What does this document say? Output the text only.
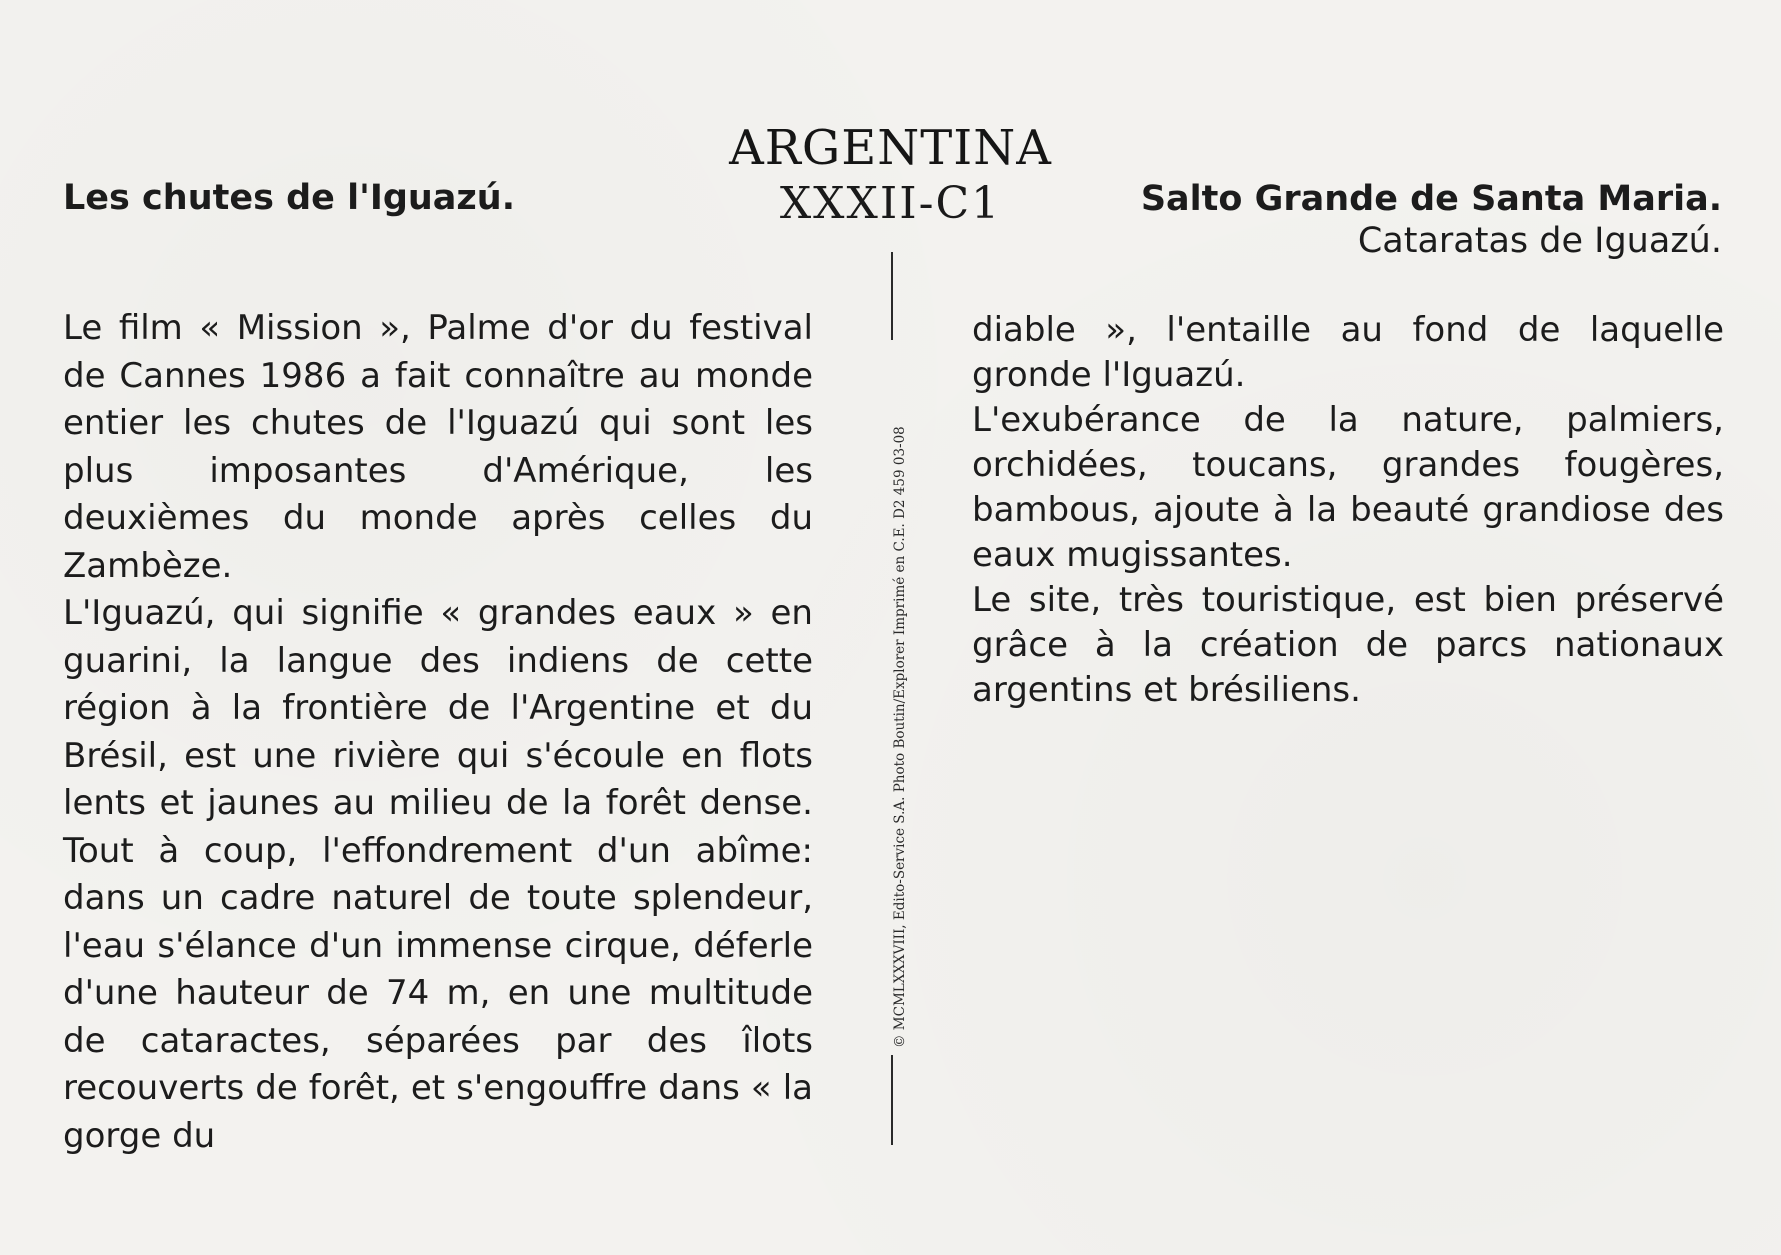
ARGENTINA
XXXII-C1
Les chutes de l'Iguazú.	Salto Grande de Santa Maria.
Cataratas de Iguazú.

Le film « Mission », Palme d'or du festival de Cannes 1986 a fait connaître au monde entier les chutes de l'Iguazú qui sont les plus imposantes d'Amérique, les deuxièmes du monde après celles du Zambèze.

L'Iguazú, qui signifie « grandes eaux » en guarini, la langue des indiens de cette région à la frontière de l'Argentine et du Brésil, est une rivière qui s'écoule en flots lents et jaunes au milieu de la forêt dense. Tout à coup, l'effondrement d'un abîme: dans un cadre naturel de toute splendeur, l'eau s'élance d'un immense cirque, déferle d'une hauteur de 74 m, en une multitude de cataractes, séparées par des îlots recouverts de forêt, et s'engouffre dans « la gorge du

© MCMLXXXVIII, Edito-Service S.A. Photo Boutin/Explorer Imprimé en C.E. D2 459 03-08

diable », l'entaille au fond de laquelle gronde l'Iguazú.

L'exubérance de la nature, palmiers, orchidées, toucans, grandes fougères, bambous, ajoute à la beauté grandiose des eaux mugissantes.

Le site, très touristique, est bien préservé grâce à la création de parcs nationaux argentins et brésiliens.
